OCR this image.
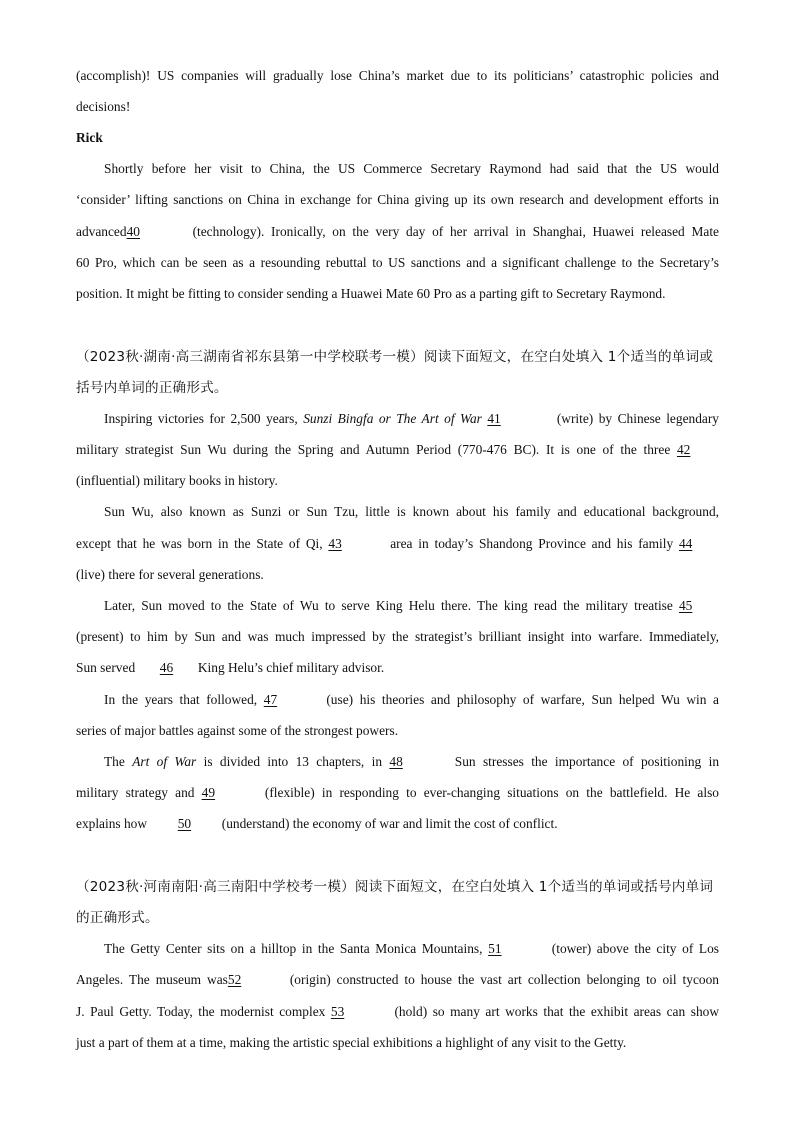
(accomplish)! US companies will gradually lose China’s market due to its politicians’ catastrophic policies and
decisions!
Rick
Shortly before her visit to China, the US Commerce Secretary Raymond had said that the US would
‘consider’ lifting sanctions on China in exchange for China giving up its own research and development efforts in
advanced40	(technology). Ironically, on the very day of her arrival in Shanghai, Huawei released Mate
60 Pro, which can be seen as a resounding rebuttal to US sanctions and a significant challenge to the Secretary’s
position. It might be fitting to consider sending a Huawei Mate 60 Pro as a parting gift to Secretary Raymond.
（2023秋·湖南·高三湖南省祁东县第一中学校联考一模）阅读下面短文，在空白处填入 1个适当的单词或
括号内单词的正确形式。
Inspiring victories for 2,500 years, Sunzi Bingfa or The Art of War 41	(write) by Chinese legendary
military strategist Sun Wu during the Spring and Autumn Period (770-476 BC). It is one of the three 42
(influential) military books in history.
Sun Wu, also known as Sunzi or Sun Tzu, little is known about his family and educational background,
except that he was born in the State of Qi, 43	area in today’s Shandong Province and his family 44
(live) there for several generations.
Later, Sun moved to the State of Wu to serve King Helu there. The king read the military treatise 45
(present) to him by Sun and was much impressed by the strategist’s brilliant insight into warfare. Immediately,
Sun served 46 King Helu’s chief military advisor.
In the years that followed, 47	(use) his theories and philosophy of warfare, Sun helped Wu win a
series of major battles against some of the strongest powers.
The Art of War is divided into 13 chapters, in 48	Sun stresses the importance of positioning in
military strategy and 49	(flexible) in responding to ever-changing situations on the battlefield. He also
explains how 50 (understand) the economy of war and limit the cost of conflict.
（2023秋·河南南阳·高三南阳中学校考一模）阅读下面短文，在空白处填入 1个适当的单词或括号内单词
的正确形式。
The Getty Center sits on a hilltop in the Santa Monica Mountains, 51	(tower) above the city of Los
Angeles. The museum was52	(origin) constructed to house the vast art collection belonging to oil tycoon
J. Paul Getty. Today, the modernist complex 53	(hold) so many art works that the exhibit areas can show
just a part of them at a time, making the artistic special exhibitions a highlight of any visit to the Getty.
